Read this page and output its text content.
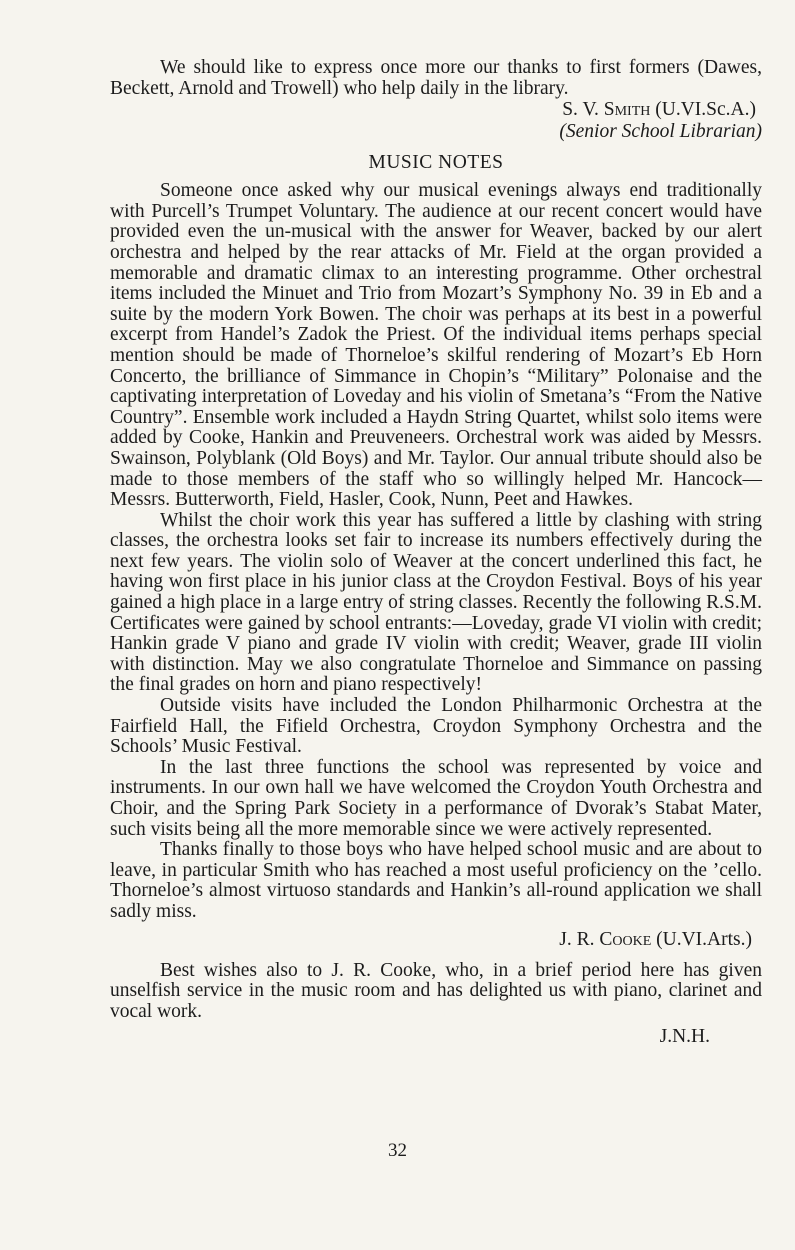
We should like to express once more our thanks to first formers (Dawes, Beckett, Arnold and Trowell) who help daily in the library.

S. V. Smith (U.VI.Sc.A.)
(Senior School Librarian)
MUSIC NOTES

Someone once asked why our musical evenings always end traditionally with Purcell’s Trumpet Voluntary. The audience at our recent concert would have provided even the un-musical with the answer for Weaver, backed by our alert orchestra and helped by the rear attacks of Mr. Field at the organ provided a memorable and dramatic climax to an interesting programme. Other orchestral items included the Minuet and Trio from Mozart’s Symphony No. 39 in Eb and a suite by the modern York Bowen. The choir was perhaps at its best in a powerful excerpt from Handel’s Zadok the Priest. Of the individual items perhaps special mention should be made of Thorneloe’s skilful rendering of Mozart’s Eb Horn Concerto, the brilliance of Simmance in Chopin’s “Military” Polonaise and the captivating interpretation of Loveday and his violin of Smetana’s “From the Native Country”. Ensemble work included a Haydn String Quartet, whilst solo items were added by Cooke, Hankin and Preuveneers. Orchestral work was aided by Messrs. Swainson, Polyblank (Old Boys) and Mr. Taylor. Our annual tribute should also be made to those members of the staff who so willingly helped Mr. Hancock—Messrs. Butterworth, Field, Hasler, Cook, Nunn, Peet and Hawkes.

Whilst the choir work this year has suffered a little by clashing with string classes, the orchestra looks set fair to increase its numbers effectively during the next few years. The violin solo of Weaver at the concert underlined this fact, he having won first place in his junior class at the Croydon Festival. Boys of his year gained a high place in a large entry of string classes. Recently the following R.S.M. Certificates were gained by school entrants:—Loveday, grade VI violin with credit; Hankin grade V piano and grade IV violin with credit; Weaver, grade III violin with distinction. May we also congratulate Thorneloe and Simmance on passing the final grades on horn and piano respectively!

Outside visits have included the London Philharmonic Orchestra at the Fairfield Hall, the Fifield Orchestra, Croydon Symphony Orchestra and the Schools’ Music Festival.

In the last three functions the school was represented by voice and instruments. In our own hall we have welcomed the Croydon Youth Orchestra and Choir, and the Spring Park Society in a performance of Dvorak’s Stabat Mater, such visits being all the more memorable since we were actively represented.

Thanks finally to those boys who have helped school music and are about to leave, in particular Smith who has reached a most useful proficiency on the ’cello. Thorneloe’s almost virtuoso standards and Hankin’s all-round application we shall sadly miss.

J. R. Cooke (U.VI.Arts.)

Best wishes also to J. R. Cooke, who, in a brief period here has given unselfish service in the music room and has delighted us with piano, clarinet and vocal work.

J.N.H.
32
